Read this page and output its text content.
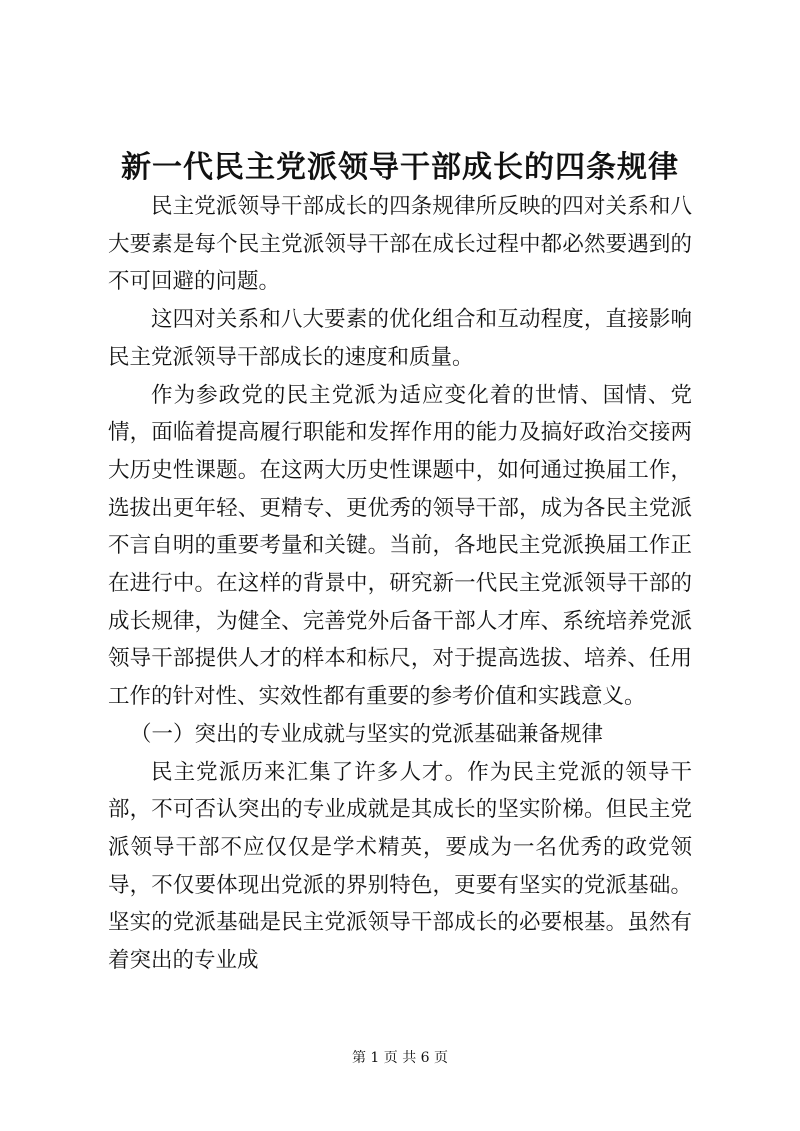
新一代民主党派领导干部成长的四条规律

民主党派领导干部成长的四条规律所反映的四对关系和八大要素是每个民主党派领导干部在成长过程中都必然要遇到的不可回避的问题。

这四对关系和八大要素的优化组合和互动程度，直接影响民主党派领导干部成长的速度和质量。

作为参政党的民主党派为适应变化着的世情、国情、党情，面临着提高履行职能和发挥作用的能力及搞好政治交接两大历史性课题。在这两大历史性课题中，如何通过换届工作，选拔出更年轻、更精专、更优秀的领导干部，成为各民主党派不言自明的重要考量和关键。当前，各地民主党派换届工作正在进行中。在这样的背景中，研究新一代民主党派领导干部的成长规律，为健全、完善党外后备干部人才库、系统培养党派领导干部提供人才的样本和标尺，对于提高选拔、培养、任用工作的针对性、实效性都有重要的参考价值和实践意义。

（一）突出的专业成就与坚实的党派基础兼备规律

民主党派历来汇集了许多人才。作为民主党派的领导干部，不可否认突出的专业成就是其成长的坚实阶梯。但民主党派领导干部不应仅仅是学术精英，要成为一名优秀的政党领导，不仅要体现出党派的界别特色，更要有坚实的党派基础。坚实的党派基础是民主党派领导干部成长的必要根基。虽然有着突出的专业成

第 1 页 共 6 页
